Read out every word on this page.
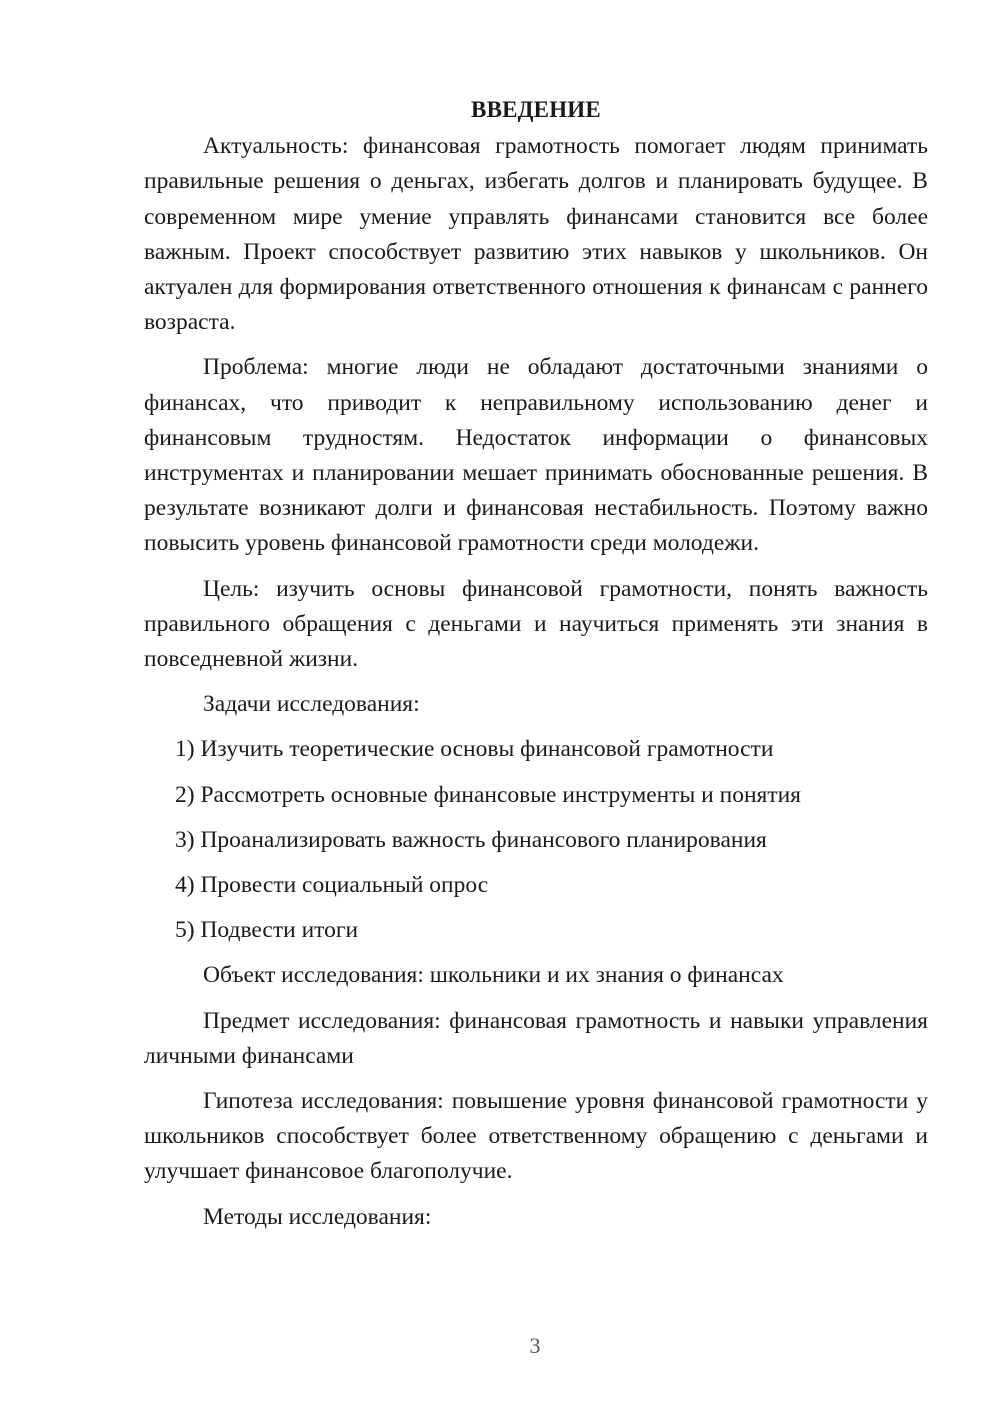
ВВЕДЕНИЕ
Актуальность: финансовая грамотность помогает людям принимать правильные решения о деньгах, избегать долгов и планировать будущее. В современном мире умение управлять финансами становится все более важным. Проект способствует развитию этих навыков у школьников. Он актуален для формирования ответственного отношения к финансам с раннего возраста.
Проблема: многие люди не обладают достаточными знаниями о финансах, что приводит к неправильному использованию денег и финансовым трудностям. Недостаток информации о финансовых инструментах и планировании мешает принимать обоснованные решения. В результате возникают долги и финансовая нестабильность. Поэтому важно повысить уровень финансовой грамотности среди молодежи.
Цель: изучить основы финансовой грамотности, понять важность правильного обращения с деньгами и научиться применять эти знания в повседневной жизни.
Задачи исследования:
1) Изучить теоретические основы финансовой грамотности
2) Рассмотреть основные финансовые инструменты и понятия
3) Проанализировать важность финансового планирования
4) Провести социальный опрос
5) Подвести итоги
Объект исследования: школьники и их знания о финансах
Предмет исследования: финансовая грамотность и навыки управления личными финансами
Гипотеза исследования: повышение уровня финансовой грамотности у школьников способствует более ответственному обращению с деньгами и улучшает финансовое благополучие.
Методы исследования:
3
